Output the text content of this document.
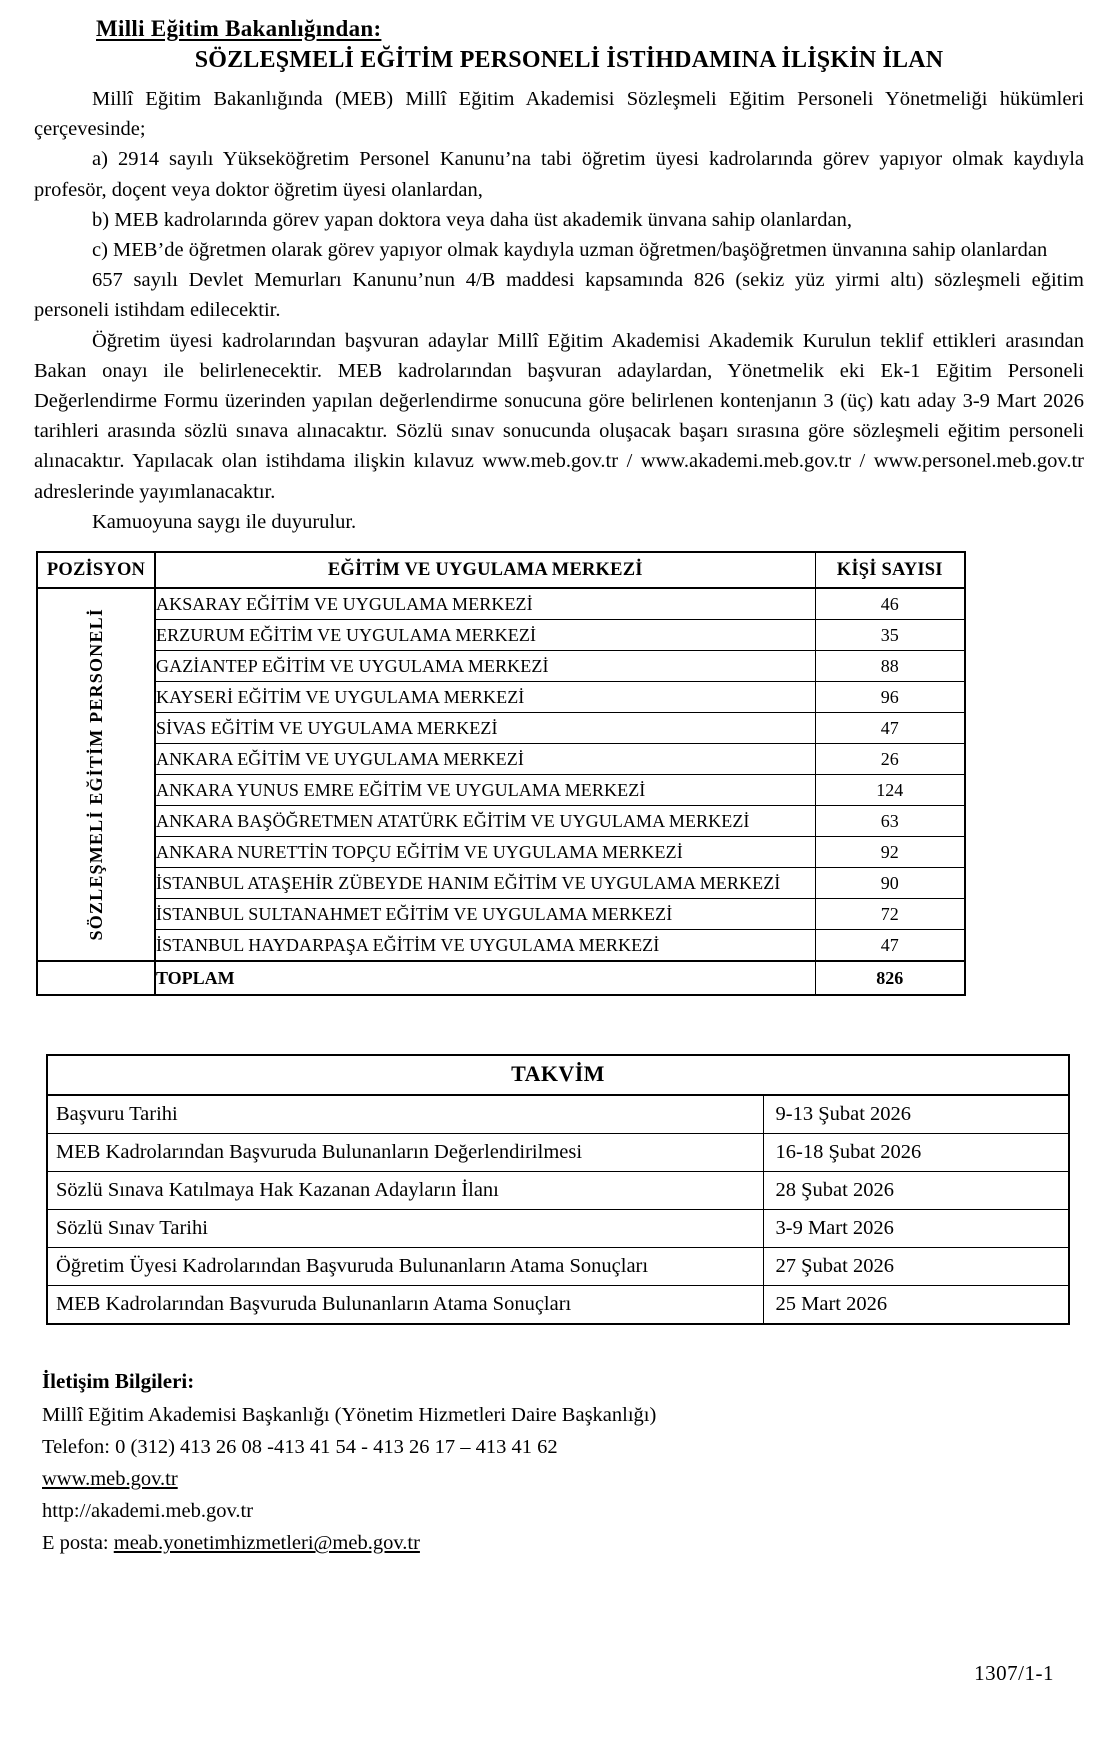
Milli Eğitim Bakanlığından:
SÖZLEŞMELİ EĞİTİM PERSONELİ İSTİHDAMINA İLİŞKİN İLAN

Millî Eğitim Bakanlığında (MEB) Millî Eğitim Akademisi Sözleşmeli Eğitim Personeli Yönetmeliği hükümleri çerçevesinde;

a) 2914 sayılı Yükseköğretim Personel Kanunu’na tabi öğretim üyesi kadrolarında görev yapıyor olmak kaydıyla profesör, doçent veya doktor öğretim üyesi olanlardan,

b) MEB kadrolarında görev yapan doktora veya daha üst akademik ünvana sahip olanlardan,

c) MEB’de öğretmen olarak görev yapıyor olmak kaydıyla uzman öğretmen/başöğretmen ünvanına sahip olanlardan

657 sayılı Devlet Memurları Kanunu’nun 4/B maddesi kapsamında 826 (sekiz yüz yirmi altı) sözleşmeli eğitim personeli istihdam edilecektir.

Öğretim üyesi kadrolarından başvuran adaylar Millî Eğitim Akademisi Akademik Kurulun teklif ettikleri arasından Bakan onayı ile belirlenecektir. MEB kadrolarından başvuran adaylardan, Yönetmelik eki Ek-1 Eğitim Personeli Değerlendirme Formu üzerinden yapılan değerlendirme sonucuna göre belirlenen kontenjanın 3 (üç) katı aday 3-9 Mart 2026 tarihleri arasında sözlü sınava alınacaktır. Sözlü sınav sonucunda oluşacak başarı sırasına göre sözleşmeli eğitim personeli alınacaktır. Yapılacak olan istihdama ilişkin kılavuz www.meb.gov.tr / www.akademi.meb.gov.tr / www.personel.meb.gov.tr adreslerinde yayımlanacaktır.

Kamuoyuna saygı ile duyurulur.

POZİSYON	EĞİTİM VE UYGULAMA MERKEZİ	KİŞİ SAYISI

SÖZLEŞMELİ EĞİTİM PERSONELİ	AKSARAY EĞİTİM VE UYGULAMA MERKEZİ	46
	ERZURUM EĞİTİM VE UYGULAMA MERKEZİ	35
	GAZİANTEP EĞİTİM VE UYGULAMA MERKEZİ	88
	KAYSERİ EĞİTİM VE UYGULAMA MERKEZİ	96
	SİVAS EĞİTİM VE UYGULAMA MERKEZİ	47
	ANKARA EĞİTİM VE UYGULAMA MERKEZİ	26
	ANKARA YUNUS EMRE EĞİTİM VE UYGULAMA MERKEZİ	124
	ANKARA BAŞÖĞRETMEN ATATÜRK EĞİTİM VE UYGULAMA MERKEZİ	63
	ANKARA NURETTİN TOPÇU EĞİTİM VE UYGULAMA MERKEZİ	92
	İSTANBUL ATAŞEHİR ZÜBEYDE HANIM EĞİTİM VE UYGULAMA MERKEZİ	90
	İSTANBUL SULTANAHMET EĞİTİM VE UYGULAMA MERKEZİ	72
	İSTANBUL HAYDARPAŞA EĞİTİM VE UYGULAMA MERKEZİ	47
	TOPLAM	826
TAKVİM	
Başvuru Tarihi	9-13 Şubat 2026
MEB Kadrolarından Başvuruda Bulunanların Değerlendirilmesi	16-18 Şubat 2026
Sözlü Sınava Katılmaya Hak Kazanan Adayların İlanı	28 Şubat 2026
Sözlü Sınav Tarihi	3-9 Mart 2026
Öğretim Üyesi Kadrolarından Başvuruda Bulunanların Atama Sonuçları	27 Şubat 2026
MEB Kadrolarından Başvuruda Bulunanların Atama Sonuçları	25 Mart 2026
İletişim Bilgileri:
Millî Eğitim Akademisi Başkanlığı (Yönetim Hizmetleri Daire Başkanlığı)
Telefon: 0 (312) 413 26 08 -413 41 54 - 413 26 17 – 413 41 62
www.meb.gov.tr
http://akademi.meb.gov.tr
E posta: meab.yonetimhizmetleri@meb.gov.tr
1307/1-1
